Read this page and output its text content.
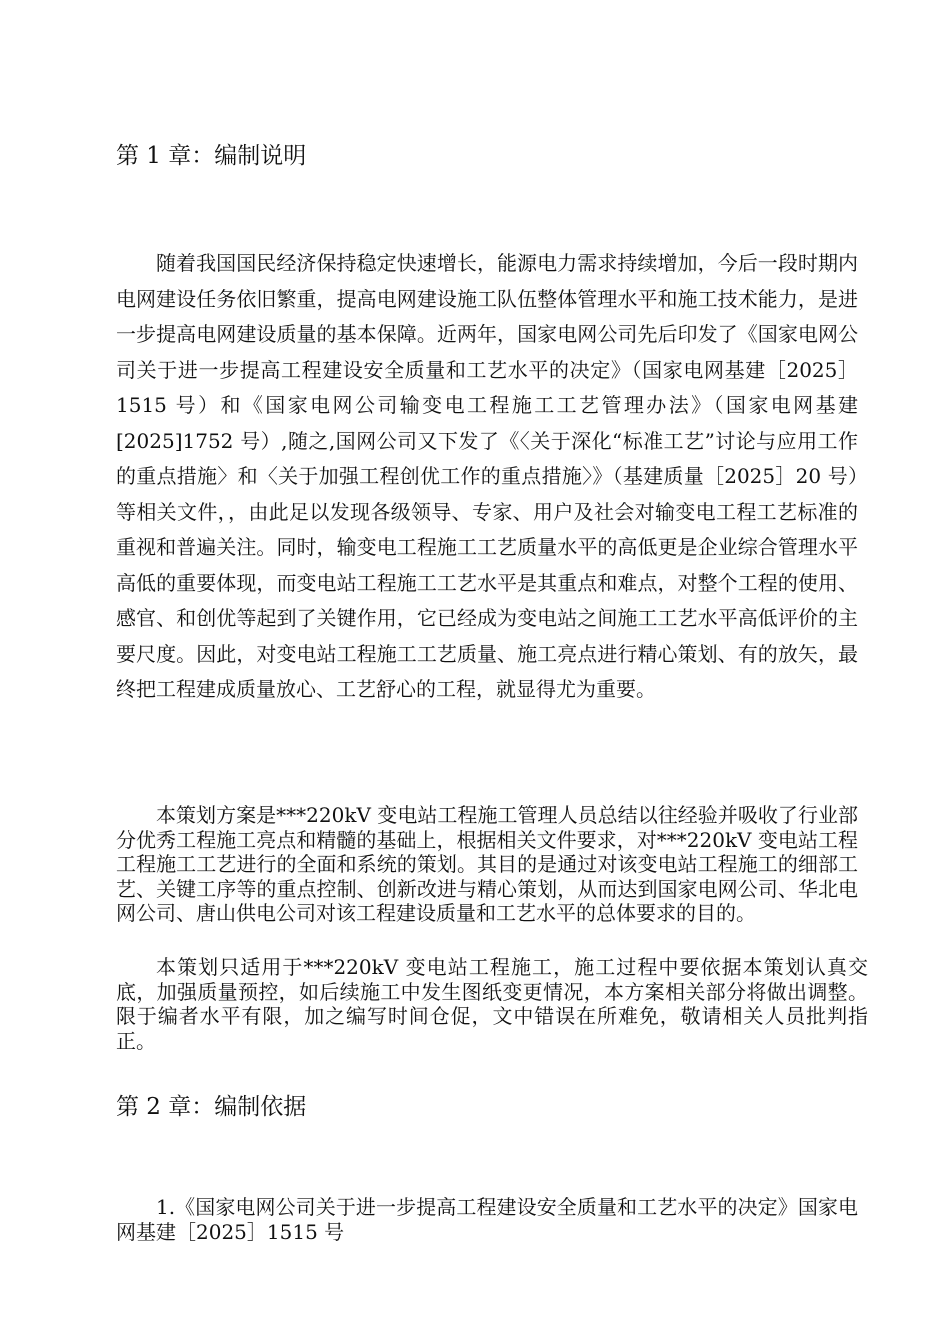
第 1 章：编制说明

随着我国国民经济保持稳定快速增长，能源电力需求持续增加，今后一段时期内电网建设任务依旧繁重，提高电网建设施工队伍整体管理水平和施工技术能力，是进一步提高电网建设质量的基本保障。近两年，国家电网公司先后印发了《国家电网公司关于进一步提高工程建设安全质量和工艺水平的决定》（国家电网基建［2025］1515 号）和《国家电网公司输变电工程施工工艺管理办法》（国家电网基建[2025]1752 号）,随之,国网公司又下发了《〈关于深化“标准工艺”讨论与应用工作的重点措施〉和〈关于加强工程创优工作的重点措施〉》（基建质量［2025］20 号）等相关文件，，由此足以发现各级领导、专家、用户及社会对输变电工程工艺标准的重视和普遍关注。同时，输变电工程施工工艺质量水平的高低更是企业综合管理水平高低的重要体现，而变电站工程施工工艺水平是其重点和难点，对整个工程的使用、感官、和创优等起到了关键作用，它已经成为变电站之间施工工艺水平高低评价的主要尺度。因此，对变电站工程施工工艺质量、施工亮点进行精心策划、有的放矢，最终把工程建成质量放心、工艺舒心的工程，就显得尤为重要。

本策划方案是***220kV 变电站工程施工管理人员总结以往经验并吸收了行业部分优秀工程施工亮点和精髓的基础上，根据相关文件要求，对***220kV 变电站工程工程施工工艺进行的全面和系统的策划。其目的是通过对该变电站工程施工的细部工艺、关键工序等的重点控制、创新改进与精心策划，从而达到国家电网公司、华北电网公司、唐山供电公司对该工程建设质量和工艺水平的总体要求的目的。

本策划只适用于***220kV 变电站工程施工，施工过程中要依据本策划认真交底，加强质量预控，如后续施工中发生图纸变更情况，本方案相关部分将做出调整。限于编者水平有限，加之编写时间仓促，文中错误在所难免，敬请相关人员批判指正。

第 2 章：编制依据

1.《国家电网公司关于进一步提高工程建设安全质量和工艺水平的决定》国家电网基建［2025］1515 号
